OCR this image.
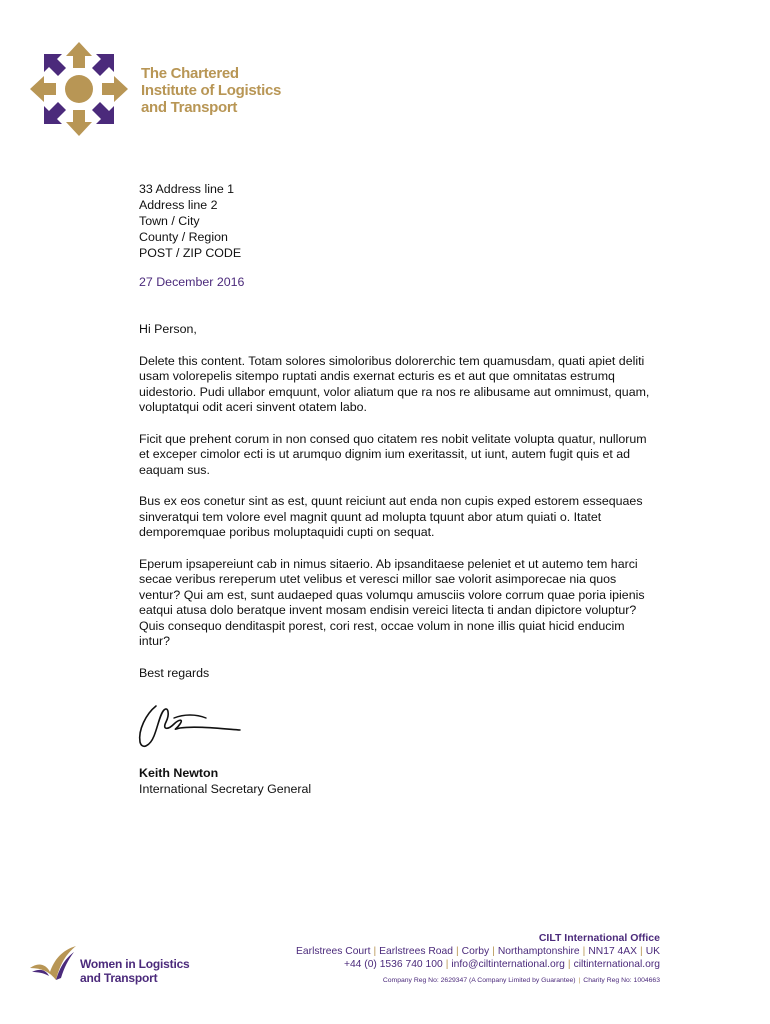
The Chartered
Institute of Logistics
and Transport
33 Address line 1
Address line 2
Town / City
County / Region
POST / ZIP CODE
27 December 2016

Hi Person,

Delete this content. Totam solores simoloribus dolorerchic tem quamusdam, quati apiet deliti usam volorepelis sitempo ruptati andis exernat ecturis es et aut que omnitatas estrumq uidestorio. Pudi ullabor emquunt, volor aliatum que ra nos re alibusame aut omnimust, quam, voluptatqui odit aceri sinvent otatem labo.

Ficit que prehent corum in non consed quo citatem res nobit velitate volupta quatur, nullorum et exceper cimolor ecti is ut arumquo dignim ium exeritassit, ut iunt, autem fugit quis et ad eaquam sus.

Bus ex eos conetur sint as est, quunt reiciunt aut enda non cupis exped estorem essequaes sinveratqui tem volore evel magnit quunt ad molupta tquunt abor atum quiati o. Itatet demporemquae poribus moluptaquidi cupti on sequat.

Eperum ipsapereiunt cab in nimus sitaerio. Ab ipsanditaese peleniet et ut autemo tem harci secae veribus rereperum utet velibus et veresci millor sae volorit asimporecae nia quos ventur? Qui am est, sunt audaeped quas volumqu amusciis volore corrum quae poria ipienis eatqui atusa dolo beratque invent mosam endisin vereici litecta ti andan dipictore voluptur? Quis consequo denditaspit porest, cori rest, occae volum in none illis quiat hicid enducim intur?

Best regards

Keith Newton
International Secretary General
Women in Logistics
and Transport
CILT International Office
Earlstrees Court | Earlstrees Road | Corby | Northamptonshire | NN17 4AX | UK
+44 (0) 1536 740 100 | info@ciltinternational.org | ciltinternational.org
Company Reg No: 2629347 (A Company Limited by Guarantee) | Charity Reg No: 1004663
